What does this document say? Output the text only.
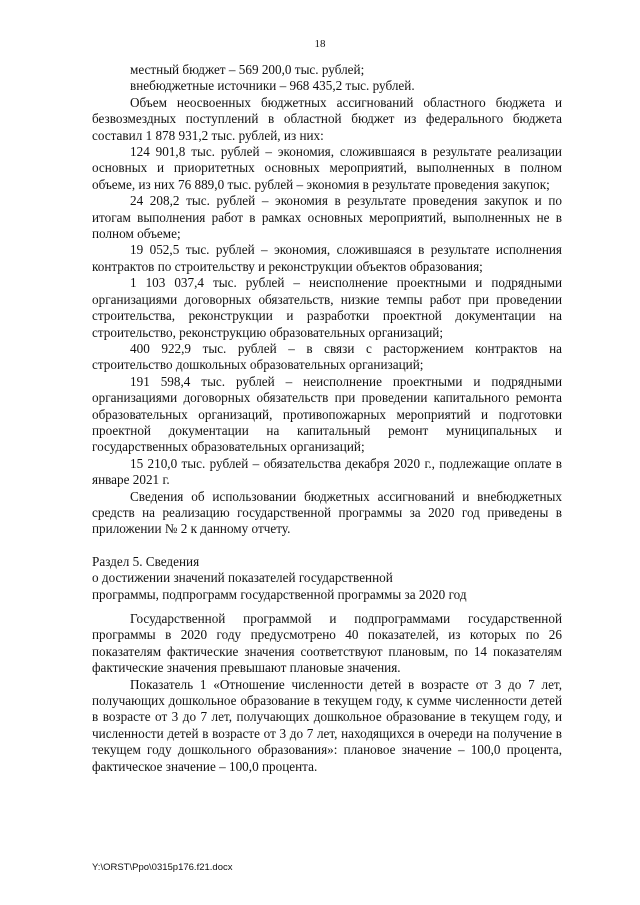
18

местный бюджет – 569 200,0 тыс. рублей;

внебюджетные источники – 968 435,2 тыс. рублей.

Объем неосвоенных бюджетных ассигнований областного бюджета и безвозмездных поступлений в областной бюджет из федерального бюджета составил 1 878 931,2 тыс. рублей, из них:

124 901,8 тыс. рублей – экономия, сложившаяся в результате реализации основных и приоритетных основных мероприятий, выполненных в полном объеме, из них 76 889,0 тыс. рублей – экономия в результате проведения закупок;

24 208,2 тыс. рублей – экономия в результате проведения закупок и по итогам выполнения работ в рамках основных мероприятий, выполненных не в полном объеме;

19 052,5 тыс. рублей – экономия, сложившаяся в результате исполнения контрактов по строительству и реконструкции объектов образования;

1 103 037,4 тыс. рублей – неисполнение проектными и подрядными организациями договорных обязательств, низкие темпы работ при проведении строительства, реконструкции и разработки проектной документации на строительство, реконструкцию образовательных организаций;

400 922,9 тыс. рублей – в связи с расторжением контрактов на строительство дошкольных образовательных организаций;

191 598,4 тыс. рублей – неисполнение проектными и подрядными организациями договорных обязательств при проведении капитального ремонта образовательных организаций, противопожарных мероприятий и подготовки проектной документации на капитальный ремонт муниципальных и государственных образовательных организаций;

15 210,0 тыс. рублей – обязательства декабря 2020 г., подлежащие оплате в январе 2021 г.

Сведения об использовании бюджетных ассигнований и внебюджетных средств на реализацию государственной программы за 2020 год приведены в приложении № 2 к данному отчету.

Раздел 5. Сведения

о достижении значений показателей государственной

программы, подпрограмм государственной программы за 2020 год

Государственной программой и подпрограммами государственной программы в 2020 году предусмотрено 40 показателей, из которых по 26 показателям фактические значения соответствуют плановым, по 14 показателям фактические значения превышают плановые значения.

Показатель 1 «Отношение численности детей в возрасте от 3 до 7 лет, получающих дошкольное образование в текущем году, к сумме численности детей в возрасте от 3 до 7 лет, получающих дошкольное образование в текущем году, и численности детей в возрасте от 3 до 7 лет, находящихся в очереди на получение в текущем году дошкольного образования»: плановое значение – 100,0 процента, фактическое значение – 100,0 процента.

Y:\ORST\Ppo\0315p176.f21.docx
